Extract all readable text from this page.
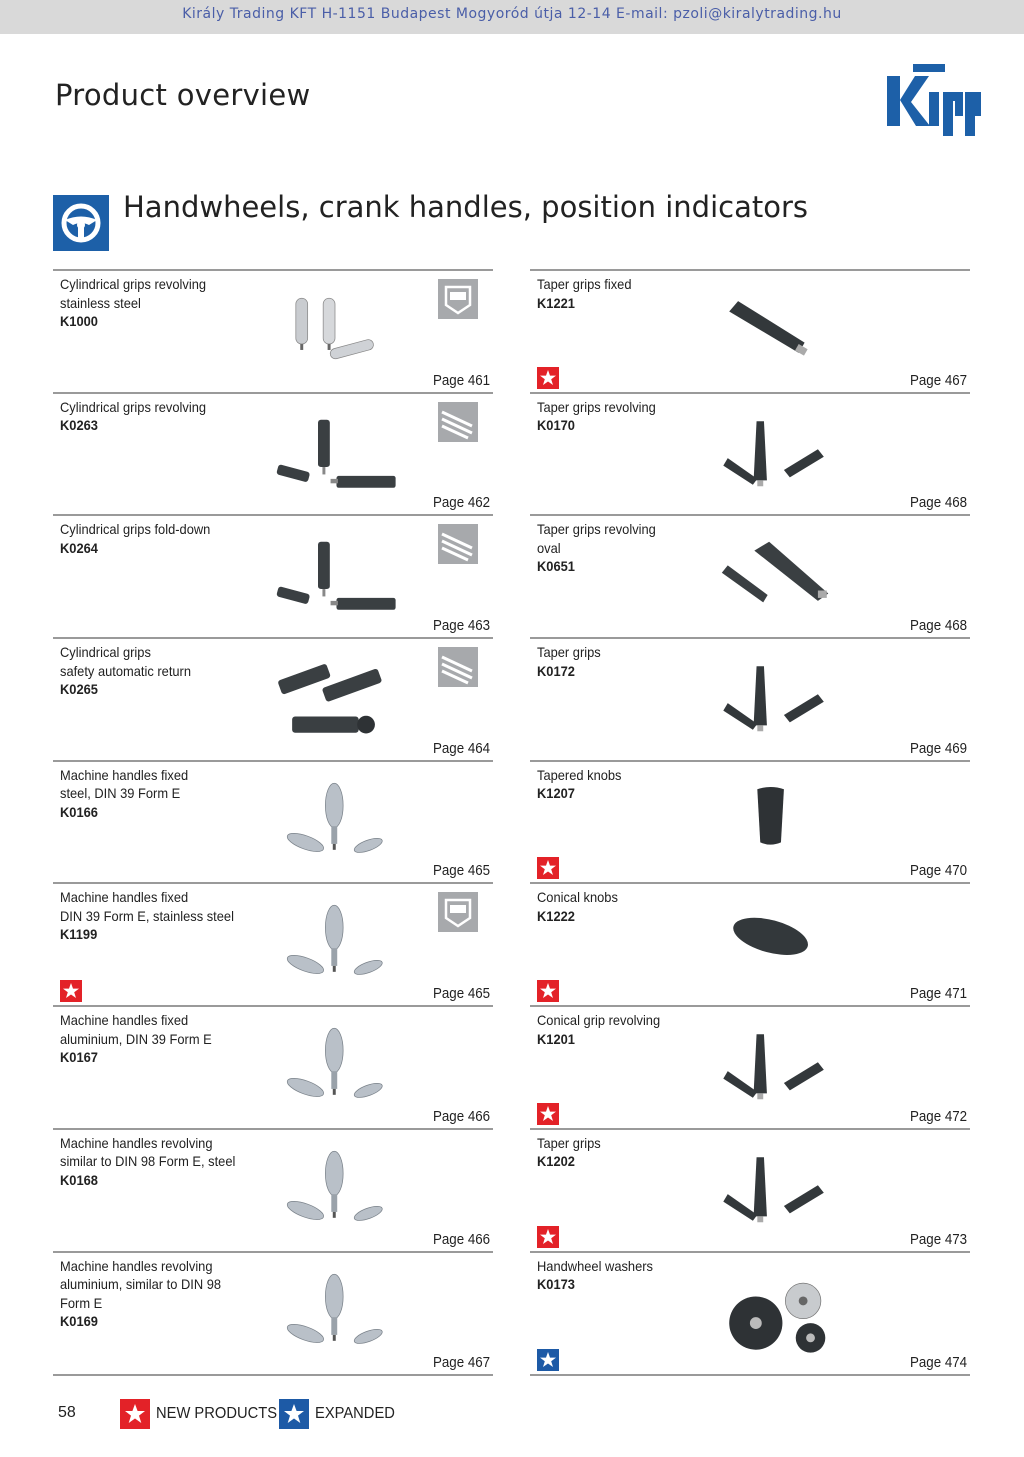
Király Trading KFT H-1151 Budapest Mogyoród útja 12-14 E-mail: pzoli@kiralytrading.hu
Product overview
Handwheels, crank handles, position indicators
Cylindrical grips revolving
stainless steel
K1000
Page 461
Cylindrical grips revolving
K0263
Page 462
Cylindrical grips fold-down
K0264
Page 463
Cylindrical grips
safety automatic return
K0265
Page 464
Machine handles fixed
steel, DIN 39 Form E
K0166
Page 465
Machine handles fixed
DIN 39 Form E, stainless steel
K1199
Page 465
Machine handles fixed
aluminium, DIN 39 Form E
K0167
Page 466
Machine handles revolving
similar to DIN 98 Form E, steel
K0168
Page 466
Machine handles revolving
aluminium, similar to DIN 98 Form E
K0169
Page 467
Taper grips fixed
K1221
Page 467
Taper grips revolving
K0170
Page 468
Taper grips revolving
oval
K0651
Page 468
Taper grips
K0172
Page 469
Tapered knobs
K1207
Page 470
Conical knobs
K1222
Page 471
Conical grip revolving
K1201
Page 472
Taper grips
K1202
Page 473
Handwheel washers
K0173
Page 474
58	NEW PRODUCTS EXPANDED
